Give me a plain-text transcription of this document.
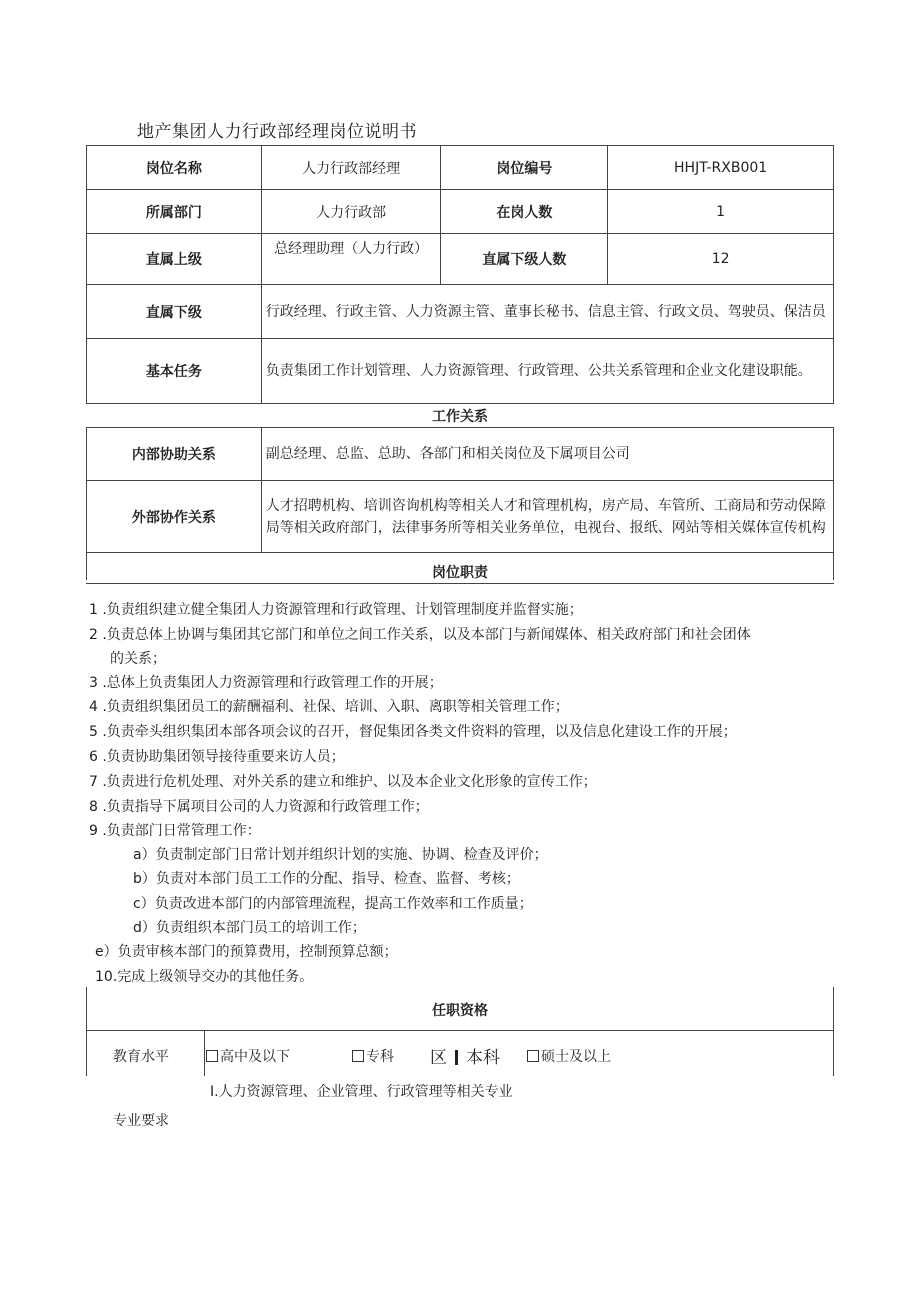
地产集团人力行政部经理岗位说明书
岗位名称	人力行政部经理	岗位编号	HHJT-RXB001
所属部门	人力行政部	在岗人数	1
直属上级	总经理助理（人力行政）	直属下级人数	12
直属下级	行政经理、行政主管、人力资源主管、董事长秘书、信息主管、行政文员、驾驶员、保洁员		
基本任务	负责集团工作计划管理、人力资源管理、行政管理、公共关系管理和企业文化建设职能。		
工作关系
内部协助关系	副总经理、总监、总助、各部门和相关岗位及下属项目公司
外部协作关系	人才招聘机构、培训咨询机构等相关人才和管理机构，房产局、车管所、工商局和劳动保障局等相关政府部门，法律事务所等相关业务单位，电视台、报纸、网站等相关媒体宣传机构
岗位职责
1 .负责组织建立健全集团人力资源管理和行政管理、计划管理制度并监督实施；
2 .负责总体上协调与集团其它部门和单位之间工作关系，以及本部门与新闻媒体、相关政府部门和社会团体
的关系；
3 .总体上负责集团人力资源管理和行政管理工作的开展；
4 .负责组织集团员工的薪酬福利、社保、培训、入职、离职等相关管理工作；
5 .负责牵头组织集团本部各项会议的召开，督促集团各类文件资料的管理，以及信息化建设工作的开展；
6 .负责协助集团领导接待重要来访人员；
7 .负责进行危机处理、对外关系的建立和维护、以及本企业文化形象的宣传工作；
8 .负责指导下属项目公司的人力资源和行政管理工作；
9 .负责部门日常管理工作：
a）负责制定部门日常计划并组织计划的实施、协调、检查及评价；
b）负责对本部门员工工作的分配、指导、检查、监督、考核；
c）负责改进本部门的内部管理流程，提高工作效率和工作质量；
d）负责组织本部门员工的培训工作；
e）负责审核本部门的预算费用，控制预算总额；
10.完成上级领导交办的其他任务。
任职资格
教育水平	高中及以下	专科 区 本科	硕士及以上
I.人力资源管理、企业管理、行政管理等相关专业
专业要求
